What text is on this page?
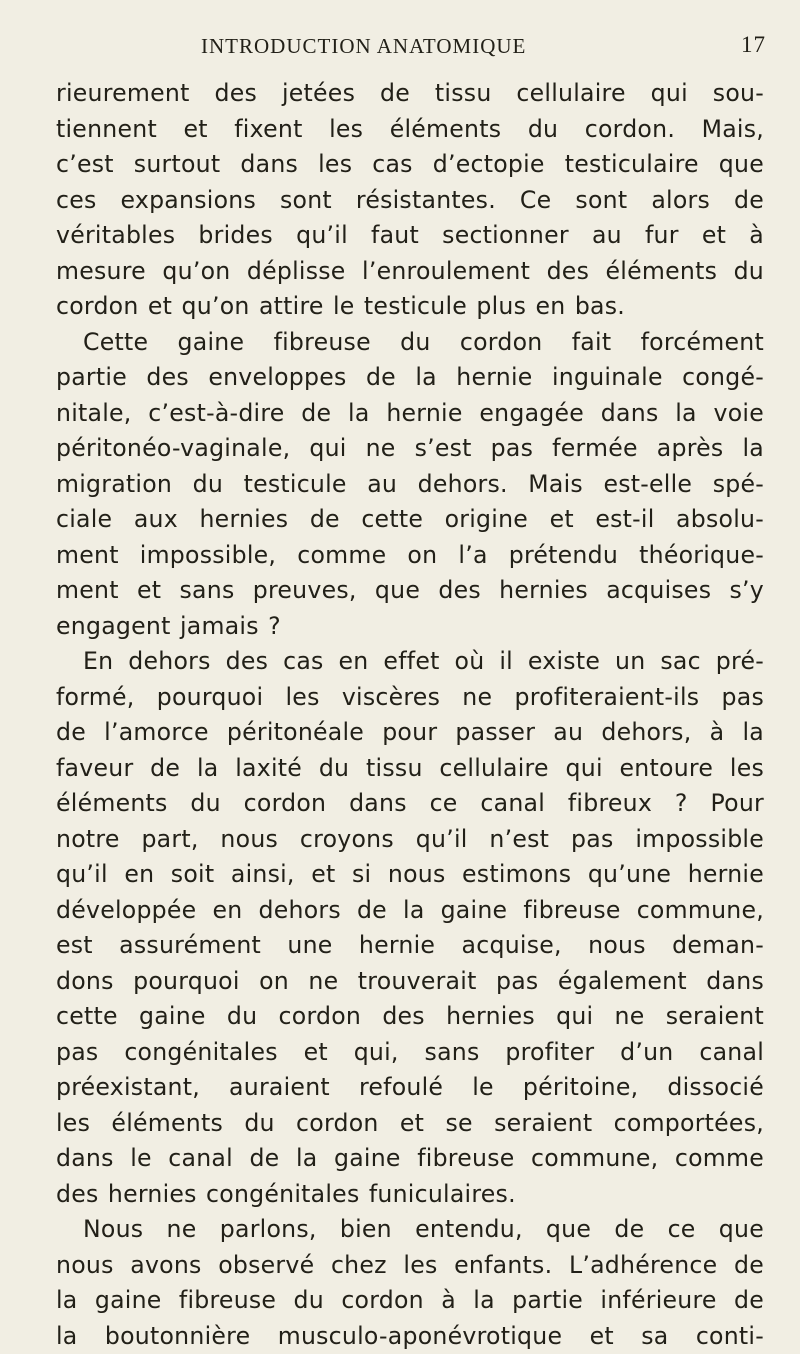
INTRODUCTION ANATOMIQUE	17
rieurement des jetées de tissu cellulaire qui sou-
tiennent et fixent les éléments du cordon. Mais,
c’est surtout dans les cas d’ectopie testiculaire que
ces expansions sont résistantes. Ce sont alors de
véritables brides qu’il faut sectionner au fur et à
mesure qu’on déplisse l’enroulement des éléments du
cordon et qu’on attire le testicule plus en bas.
Cette gaine fibreuse du cordon fait forcément
partie des enveloppes de la hernie inguinale congé-
nitale, c’est-à-dire de la hernie engagée dans la voie
péritonéo-vaginale, qui ne s’est pas fermée après la
migration du testicule au dehors. Mais est-elle spé-
ciale aux hernies de cette origine et est-il absolu-
ment impossible, comme on l’a prétendu théorique-
ment et sans preuves, que des hernies acquises s’y
engagent jamais ?
En dehors des cas en effet où il existe un sac pré-
formé, pourquoi les viscères ne profiteraient-ils pas
de l’amorce péritonéale pour passer au dehors, à la
faveur de la laxité du tissu cellulaire qui entoure les
éléments du cordon dans ce canal fibreux ? Pour
notre part, nous croyons qu’il n’est pas impossible
qu’il en soit ainsi, et si nous estimons qu’une hernie
développée en dehors de la gaine fibreuse commune,
est assurément une hernie acquise, nous deman-
dons pourquoi on ne trouverait pas également dans
cette gaine du cordon des hernies qui ne seraient
pas congénitales et qui, sans profiter d’un canal
préexistant, auraient refoulé le péritoine, dissocié
les éléments du cordon et se seraient comportées,
dans le canal de la gaine fibreuse commune, comme
des hernies congénitales funiculaires.
Nous ne parlons, bien entendu, que de ce que
nous avons observé chez les enfants. L’adhérence de
la gaine fibreuse du cordon à la partie inférieure de
la boutonnière musculo-aponévrotique et sa conti-
